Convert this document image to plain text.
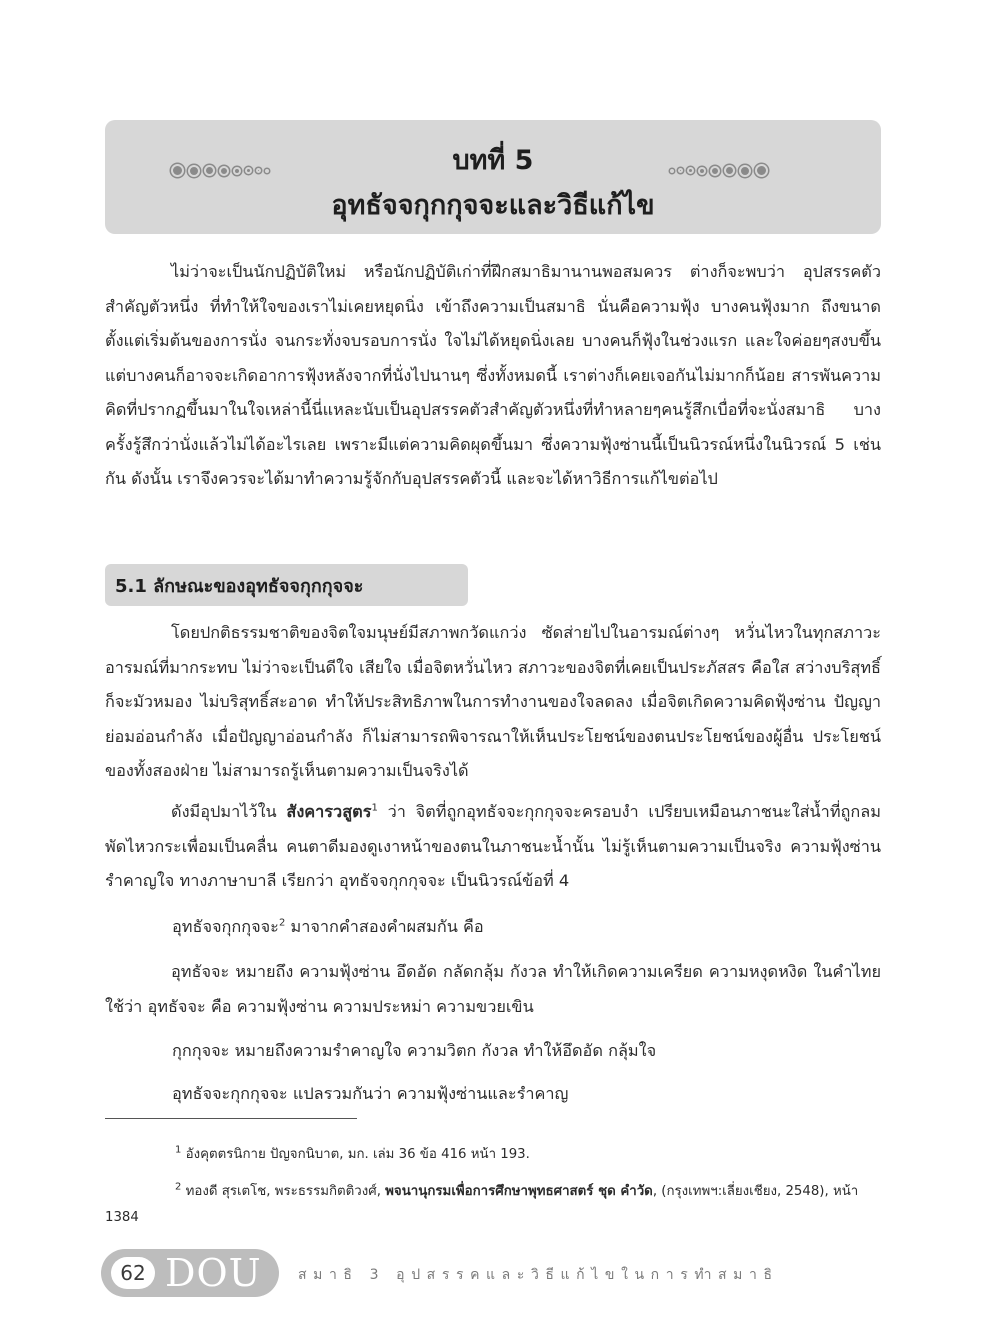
บทที่ 5
อุทธัจจกุกกุจจะและวิธีแก้ไข

ไม่ว่าจะเป็นนักปฏิบัติใหม่ หรือนักปฏิบัติเก่าที่ฝึกสมาธิมานานพอสมควร ต่างก็จะพบว่า อุปสรรคตัวสำคัญตัวหนึ่ง ที่ทำให้ใจของเราไม่เคยหยุดนิ่ง เข้าถึงความเป็นสมาธิ นั่นคือความฟุ้ง บางคนฟุ้งมาก ถึงขนาดตั้งแต่เริ่มต้นของการนั่ง จนกระทั่งจบรอบการนั่ง ใจไม่ได้หยุดนิ่งเลย บางคนก็ฟุ้งในช่วงแรก และใจค่อยๆสงบขึ้น แต่บางคนก็อาจจะเกิดอาการฟุ้งหลังจากที่นั่งไปนานๆ ซึ่งทั้งหมดนี้ เราต่างก็เคยเจอกันไม่มากก็น้อย สารพันความคิดที่ปรากฏขึ้นมาในใจเหล่านี้นี่แหละนับเป็นอุปสรรคตัวสำคัญตัวหนึ่งที่ทำหลายๆคนรู้สึกเบื่อที่จะนั่งสมาธิ บางครั้งรู้สึกว่านั่งแล้วไม่ได้อะไรเลย เพราะมีแต่ความคิดผุดขึ้นมา ซึ่งความฟุ้งซ่านนี้เป็นนิวรณ์หนึ่งในนิวรณ์ 5 เช่นกัน ดังนั้น เราจึงควรจะได้มาทำความรู้จักกับอุปสรรคตัวนี้ และจะได้หาวิธีการแก้ไขต่อไป

5.1 ลักษณะของอุทธัจจกุกกุจจะ

โดยปกติธรรมชาติของจิตใจมนุษย์มีสภาพกวัดแกว่ง ซัดส่ายไปในอารมณ์ต่างๆ หวั่นไหวในทุกสภาวะอารมณ์ที่มากระทบ ไม่ว่าจะเป็นดีใจ เสียใจ เมื่อจิตหวั่นไหว สภาวะของจิตที่เคยเป็นประภัสสร คือใส สว่างบริสุทธิ์ก็จะมัวหมอง ไม่บริสุทธิ์สะอาด ทำให้ประสิทธิภาพในการทำงานของใจลดลง เมื่อจิตเกิดความคิดฟุ้งซ่าน ปัญญาย่อมอ่อนกำลัง เมื่อปัญญาอ่อนกำลัง ก็ไม่สามารถพิจารณาให้เห็นประโยชน์ของตนประโยชน์ของผู้อื่น ประโยชน์ของทั้งสองฝ่าย ไม่สามารถรู้เห็นตามความเป็นจริงได้

ดังมีอุปมาไว้ใน สังคารวสูตร$^1$ ว่า จิตที่ถูกอุทธัจจะกุกกุจจะครอบงำ เปรียบเหมือนภาชนะใส่น้ำที่ถูกลมพัดไหวกระเพื่อมเป็นคลื่น คนตาดีมองดูเงาหน้าของตนในภาชนะน้ำนั้น ไม่รู้เห็นตามความเป็นจริง ความฟุ้งซ่านรำคาญใจ ทางภาษาบาลี เรียกว่า อุทธัจจกุกกุจจะ เป็นนิวรณ์ข้อที่ 4

อุทธัจจกุกกุจจะ$^2$ มาจากคำสองคำผสมกัน คือ

อุทธัจจะ หมายถึง ความฟุ้งซ่าน อึดอัด กลัดกลุ้ม กังวล ทำให้เกิดความเครียด ความหงุดหงิด ในคำไทย ใช้ว่า อุทธัจจะ คือ ความฟุ้งซ่าน ความประหม่า ความขวยเขิน

กุกกุจจะ หมายถึงความรำคาญใจ ความวิตก กังวล ทำให้อึดอัด กลุ้มใจ

อุทธัจจะกุกกุจจะ แปลรวมกันว่า ความฟุ้งซ่านและรำคาญ

$^1$ อังคุตตรนิกาย ปัญจกนิบาต, มก. เล่ม 36 ข้อ 416 หน้า 193.

$^2$ ทองดี สุรเตโช, พระธรรมกิตติวงศ์, พจนานุกรมเพื่อการศึกษาพุทธศาสตร์ ชุด คำวัด, (กรุงเทพฯ:เลี่ยงเชียง, 2548), หน้า 1384

62 DOU	สมาธิ 3 อุปสรรคและวิธีแก้ไขในการทำสมาธิ
